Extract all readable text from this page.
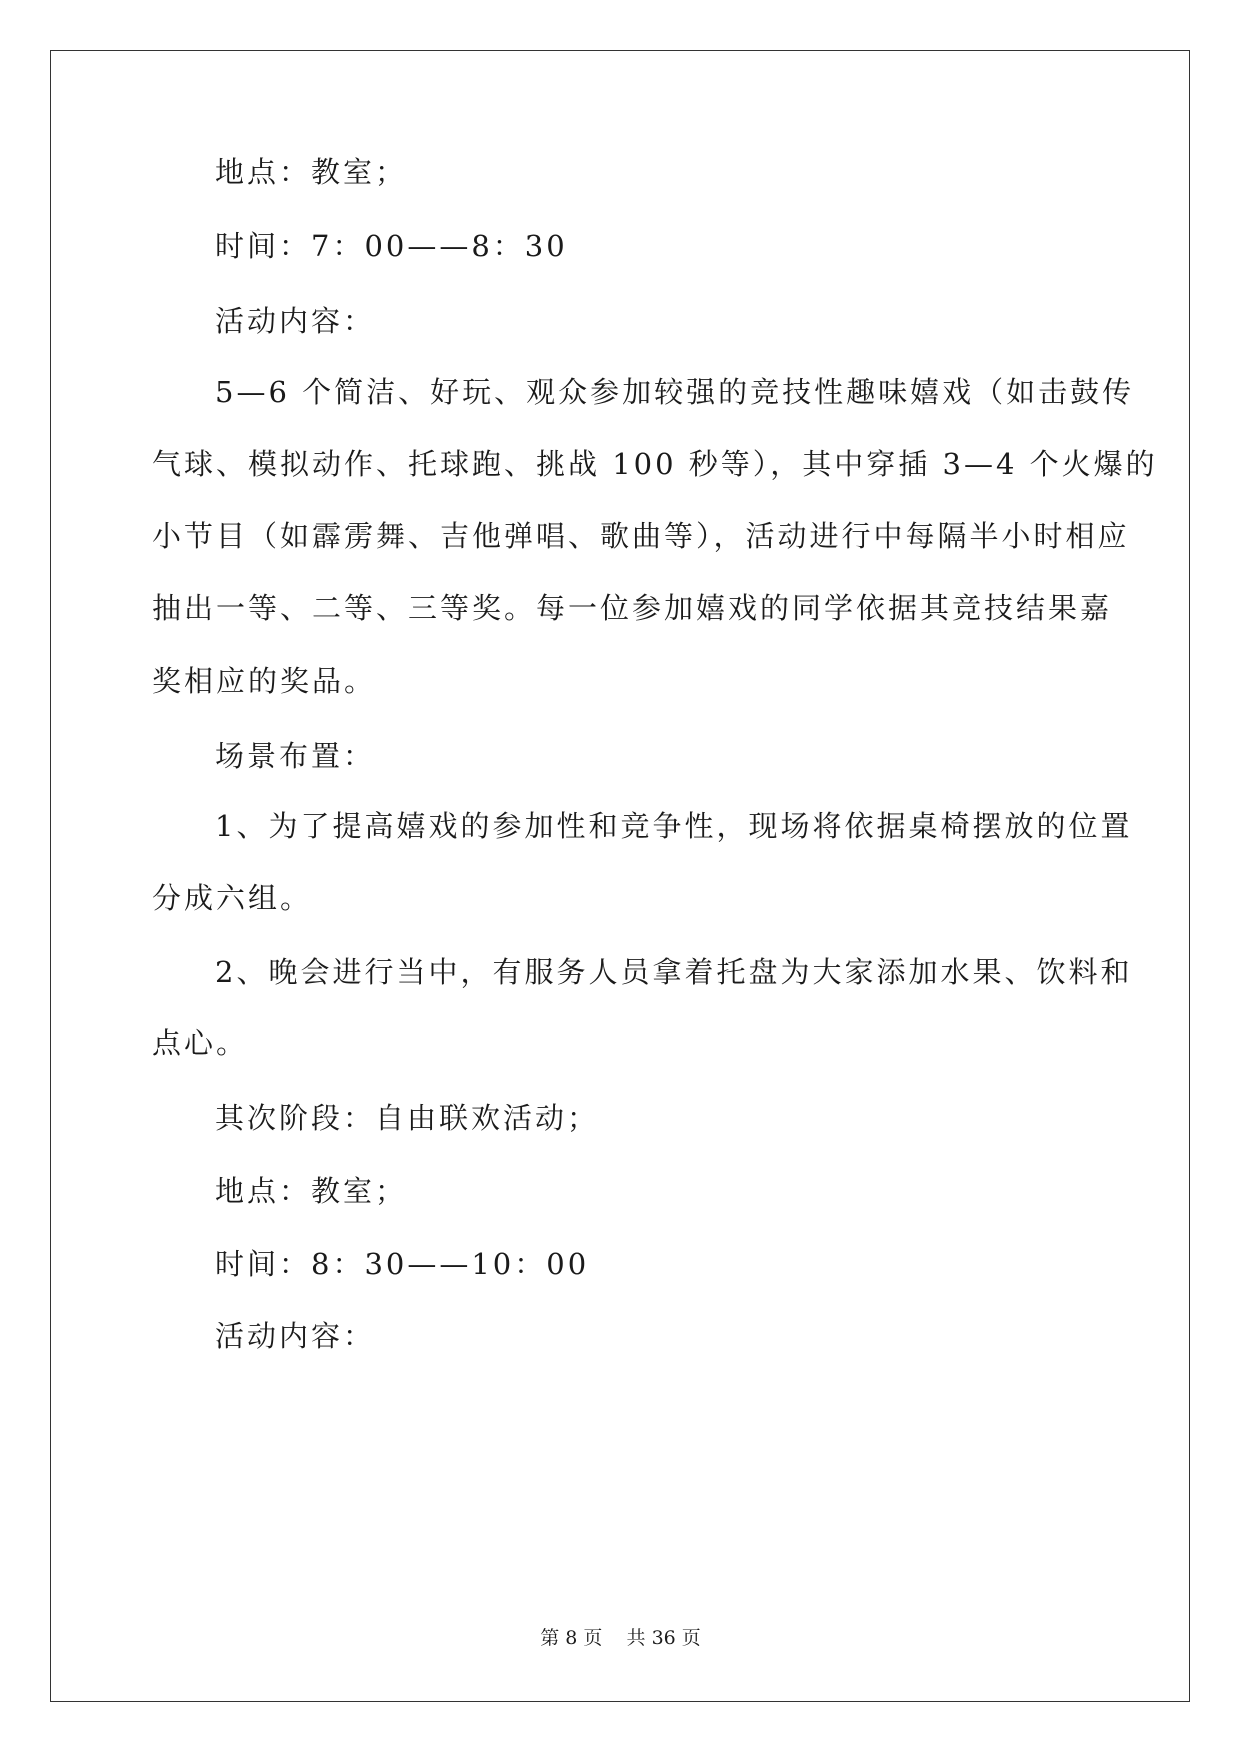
地点：教室；
时间：7：00——8：30
活动内容：
5—6 个简洁、好玩、观众参加较强的竞技性趣味嬉戏（如击鼓传
气球、模拟动作、托球跑、挑战 100 秒等），其中穿插 3—4 个火爆的
小节目（如霹雳舞、吉他弹唱、歌曲等），活动进行中每隔半小时相应
抽出一等、二等、三等奖。每一位参加嬉戏的同学依据其竞技结果嘉
奖相应的奖品。
场景布置：
1、为了提高嬉戏的参加性和竞争性，现场将依据桌椅摆放的位置
分成六组。
2、晚会进行当中，有服务人员拿着托盘为大家添加水果、饮料和
点心。
其次阶段：自由联欢活动；
地点：教室；
时间：8：30——10：00
活动内容：
第 8 页    共 36 页
